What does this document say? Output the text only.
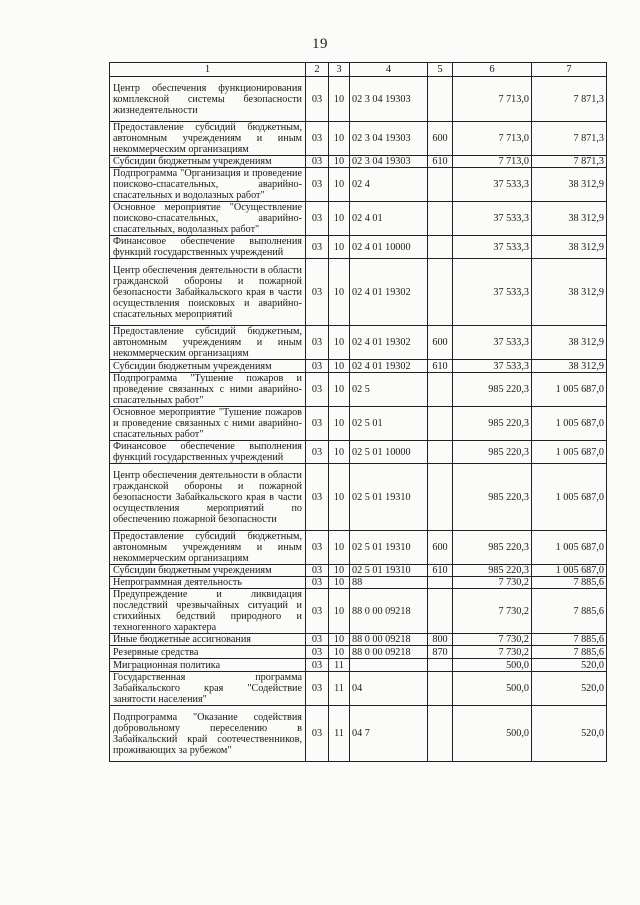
19
1	2	3	4	5	6	7
Центр обеспечения функционирования комплексной системы безопасности жизнедеятельности	03	10	02 3 04 19303		7 713,0	7 871,3
Предоставление субсидий бюджетным, автономным учреждениям и иным некоммерческим организациям	03	10	02 3 04 19303	600	7 713,0	7 871,3
Субсидии бюджетным учреждениям	03	10	02 3 04 19303	610	7 713,0	7 871,3
Подпрограмма "Организация и проведение поисково-спасательных, аварийно-спасательных и водолазных работ"	03	10	02 4		37 533,3	38 312,9
Основное мероприятие "Осуществление поисково-спасательных, аварийно-спасательных, водолазных работ"	03	10	02 4 01		37 533,3	38 312,9
Финансовое обеспечение выполнения функций государственных учреждений	03	10	02 4 01 10000		37 533,3	38 312,9
Центр обеспечения деятельности в области гражданской обороны и пожарной безопасности Забайкальского края в части осуществления поисковых и аварийно-спасательных мероприятий	03	10	02 4 01 19302		37 533,3	38 312,9
Предоставление субсидий бюджетным, автономным учреждениям и иным некоммерческим организациям	03	10	02 4 01 19302	600	37 533,3	38 312,9
Субсидии бюджетным учреждениям	03	10	02 4 01 19302	610	37 533,3	38 312,9
Подпрограмма "Тушение пожаров и проведение связанных с ними аварийно-спасательных работ"	03	10	02 5		985 220,3	1 005 687,0
Основное мероприятие "Тушение пожаров и проведение связанных с ними аварийно-спасательных работ"	03	10	02 5 01		985 220,3	1 005 687,0
Финансовое обеспечение выполнения функций государственных учреждений	03	10	02 5 01 10000		985 220,3	1 005 687,0
Центр обеспечения деятельности в области гражданской обороны и пожарной безопасности Забайкальского края в части осуществления мероприятий по обеспечению пожарной безопасности	03	10	02 5 01 19310		985 220,3	1 005 687,0
Предоставление субсидий бюджетным, автономным учреждениям и иным некоммерческим организациям	03	10	02 5 01 19310	600	985 220,3	1 005 687,0
Субсидии бюджетным учреждениям	03	10	02 5 01 19310	610	985 220,3	1 005 687,0
Непрограммная деятельность	03	10	88		7 730,2	7 885,6
Предупреждение и ликвидация последствий чрезвычайных ситуаций и стихийных бедствий природного и техногенного характера	03	10	88 0 00 09218		7 730,2	7 885,6
Иные бюджетные ассигнования	03	10	88 0 00 09218	800	7 730,2	7 885,6
Резервные средства	03	10	88 0 00 09218	870	7 730,2	7 885,6
Миграционная политика	03	11			500,0	520,0
Государственная программа Забайкальского края "Содействие занятости населения"	03	11	04		500,0	520,0
Подпрограмма "Оказание содействия добровольному переселению в Забайкальский край соотечественников, проживающих за рубежом"	03	11	04 7		500,0	520,0
